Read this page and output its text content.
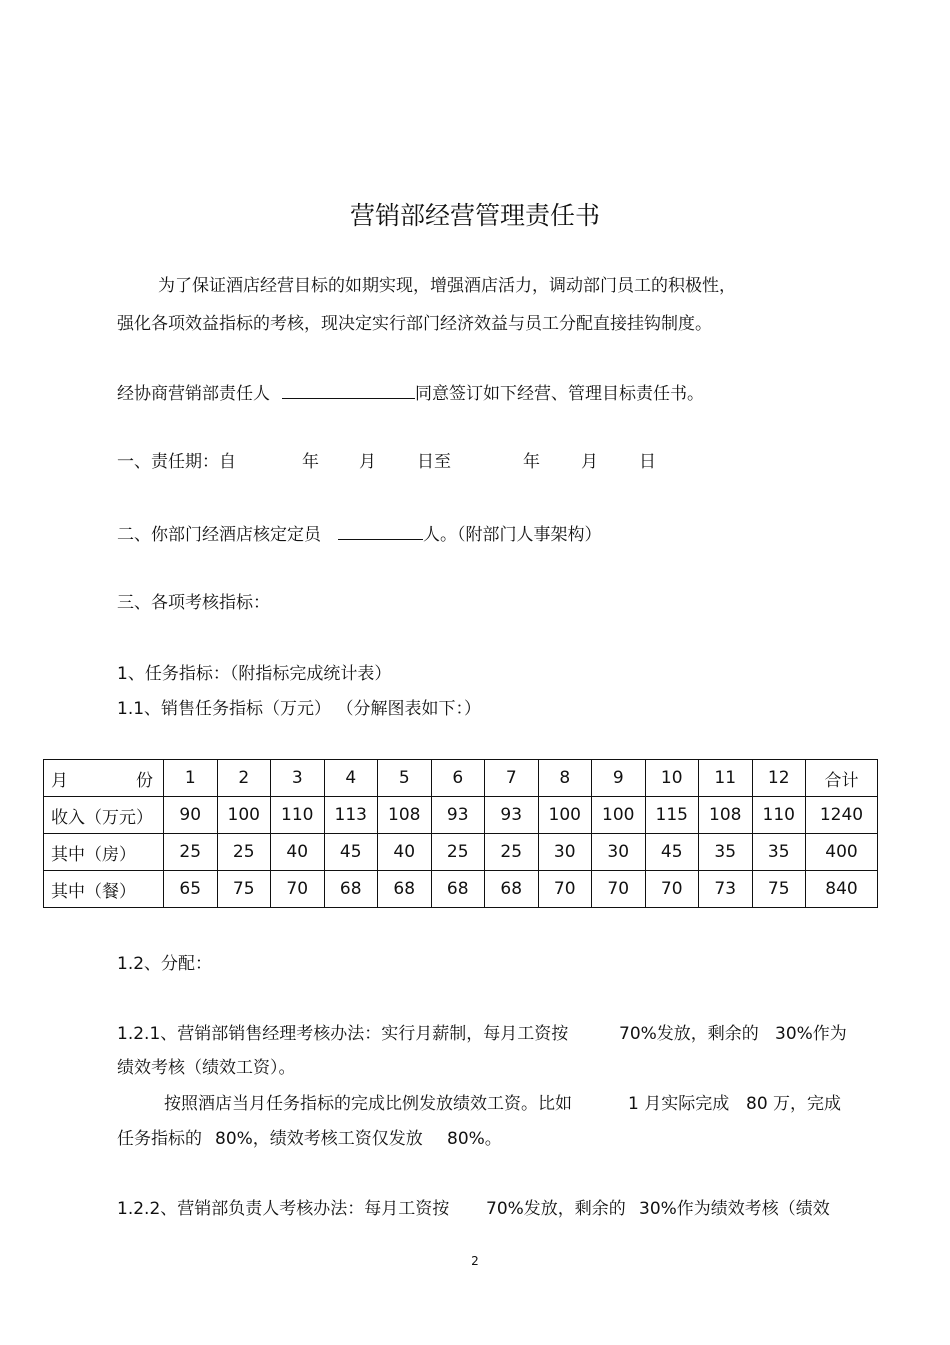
营销部经营管理责任书
为了保证酒店经营目标的如期实现，增强酒店活力，调动部门员工的积极性，
强化各项效益指标的考核，现决定实行部门经济效益与员工分配直接挂钩制度。
经协商营销部责任人	同意签订如下经营、管理目标责任书。
一、责任期：自	年 月 日至	年 月 日
二、你部门经酒店核定定员	人。（附部门人事架构）
三、各项考核指标：
1、任务指标：（附指标完成统计表）
1.1、销售任务指标（万元） （分解图表如下：）
月 份	1	2	3	4	5	6	7	8	9	10	11	12	合计
收入（万元）	90	100	110	113	108	93	93	100	100	115	108	110	1240
其中（房）	25	25	40	45	40	25	25	30	30	45	35	35	400
其中（餐）	65	75	70	68	68	68	68	70	70	70	73	75	840
1.2、分配：
1.2.1、营销部销售经理考核办法：实行月薪制，每月工资按	70%发放，剩余的 30%作为
绩效考核（绩效工资）。
按照酒店当月任务指标的完成比例发放绩效工资。比如	1 月实际完成 80 万，完成
任务指标的 80%，绩效考核工资仅发放 80%。
1.2.2、营销部负责人考核办法：每月工资按 70%发放，剩余的 30%作为绩效考核（绩效
2
